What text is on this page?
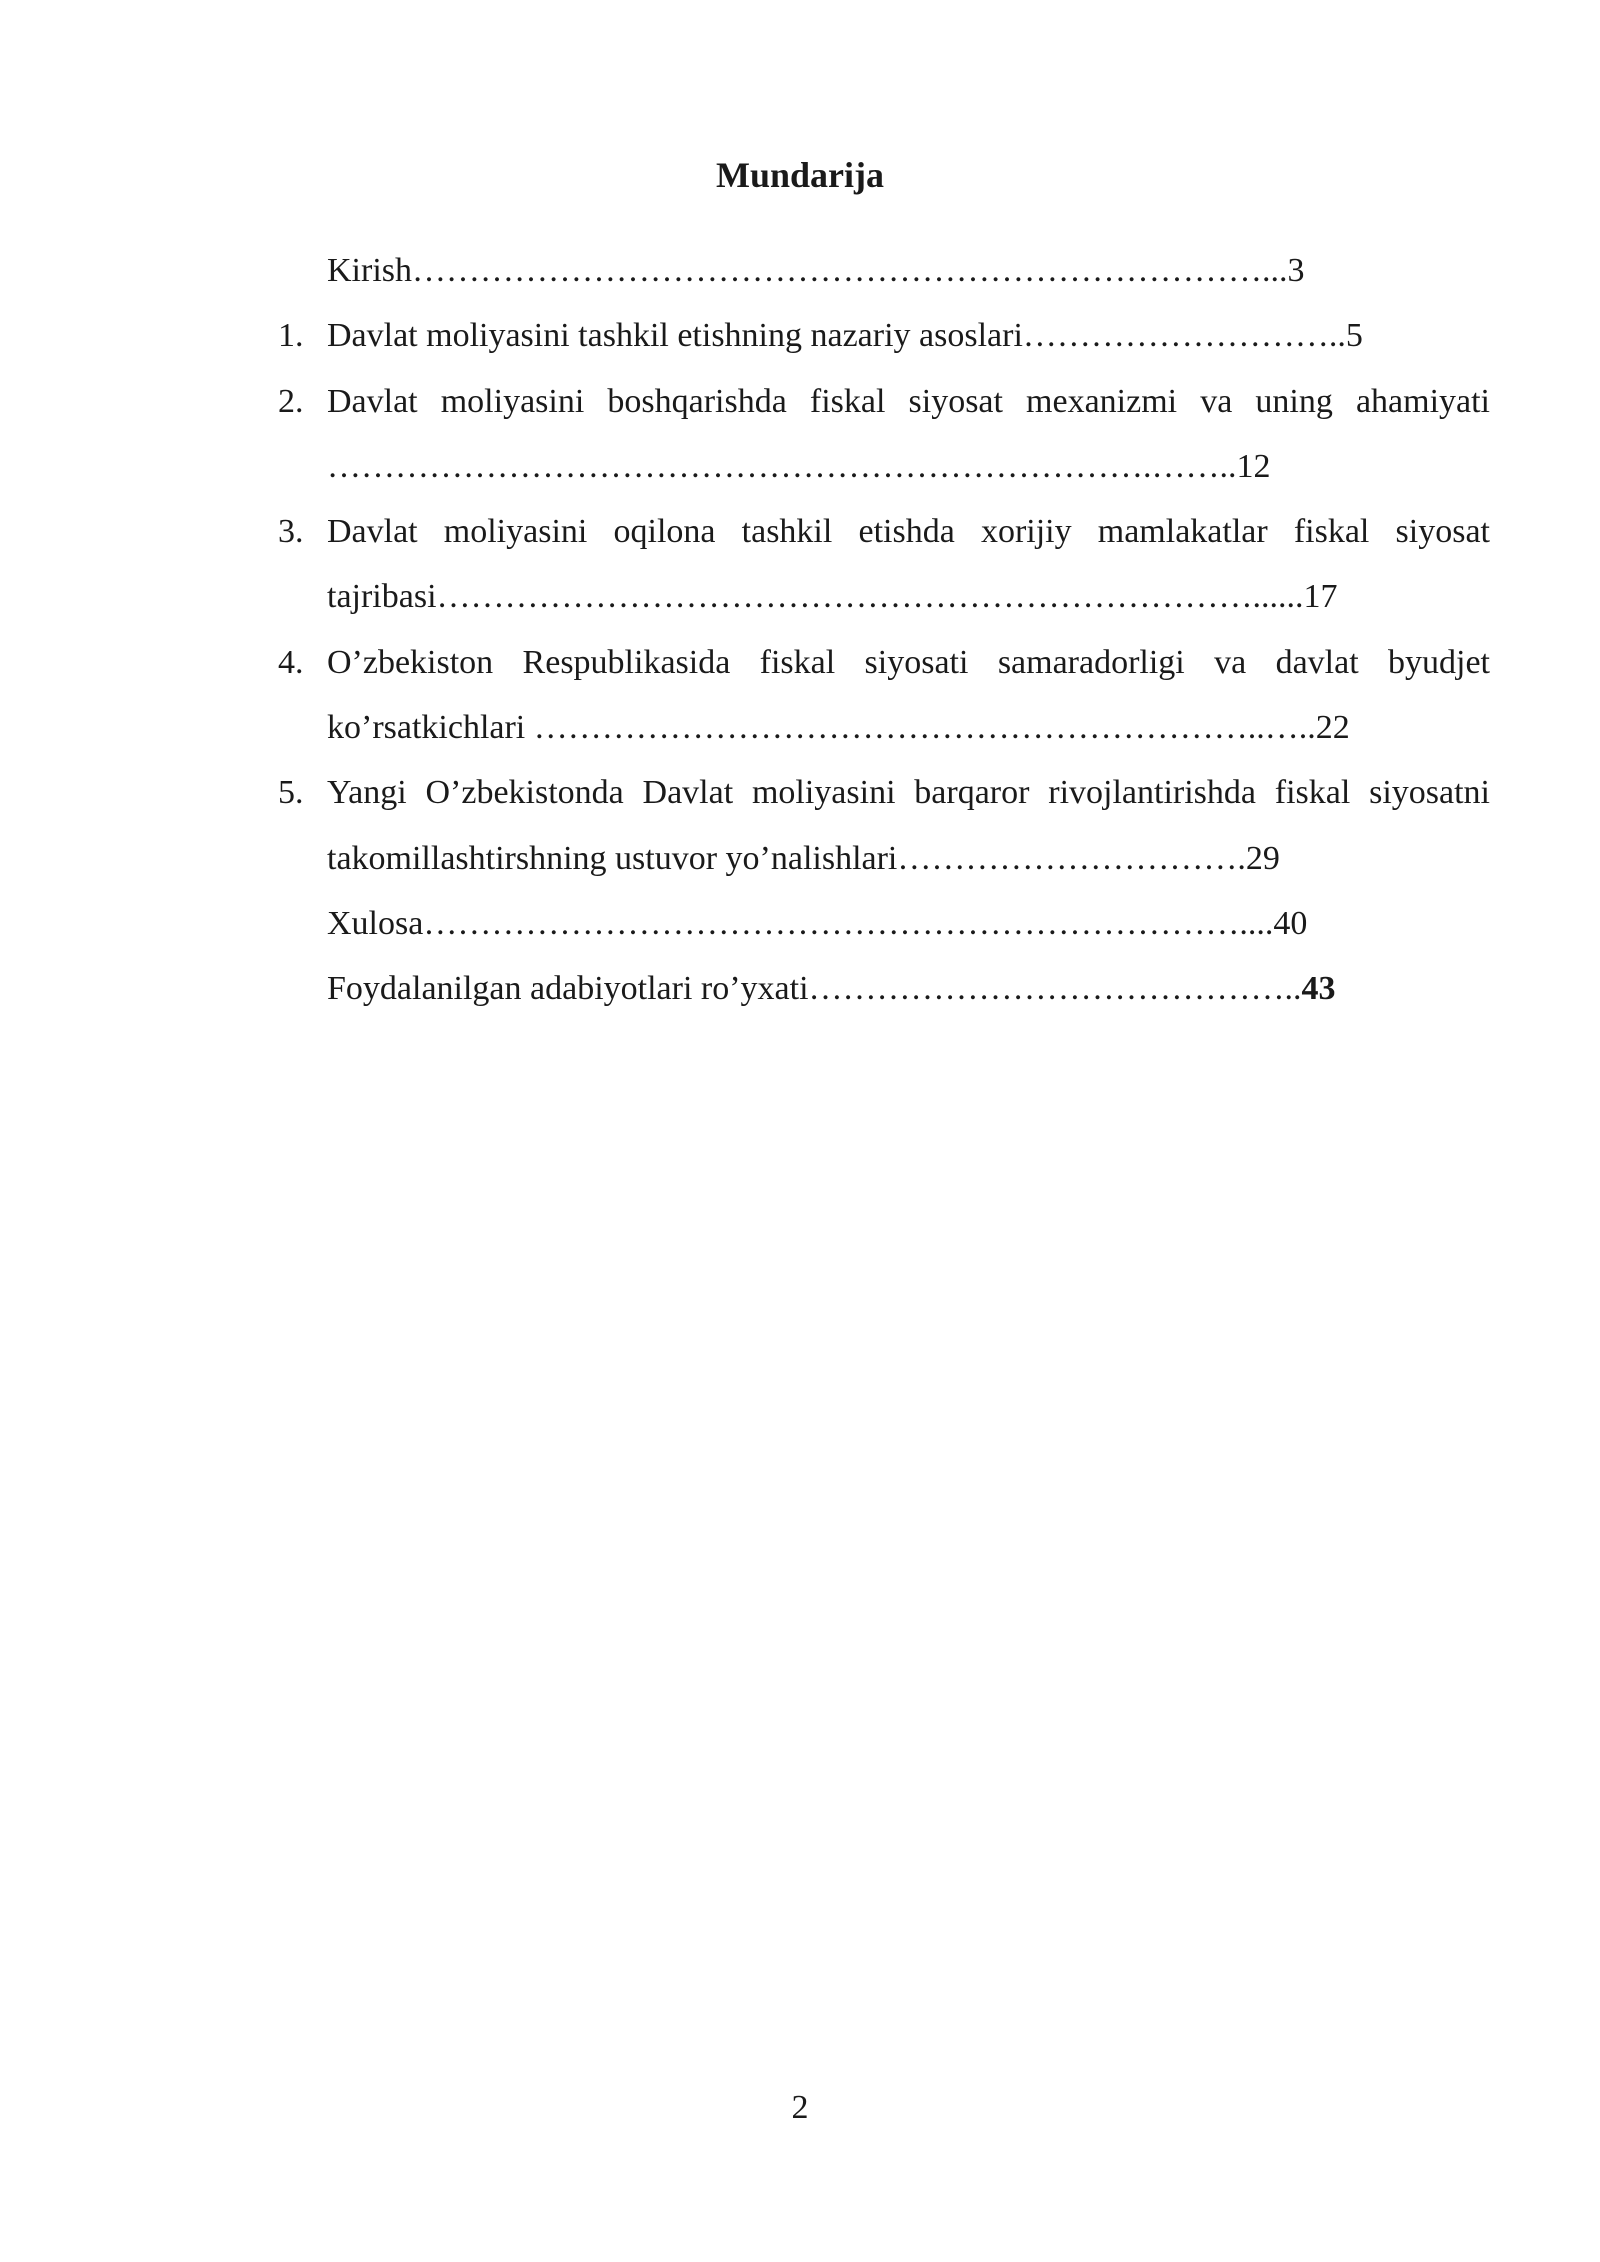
Mundarija
Kirish…………………………………………………………………...3
1. Davlat moliyasini tashkil etishning nazariy asoslari………………………..5
2. Davlat moliyasini boshqarishda fiskal siyosat mexanizmi va uning ahamiyati ……………………………………………………………….……..12
3. Davlat moliyasini oqilona tashkil etishda xorijiy mamlakatlar fiskal siyosat tajribasi………………………………………………………………......17
4. O’zbekiston Respublikasida fiskal siyosati samaradorligi va davlat byudjet ko’rsatkichlari ………………………………………………………..…..22
5. Yangi O’zbekistonda Davlat moliyasini barqaror rivojlantirishda fiskal siyosatni takomillashtirshning ustuvor yo’nalishlari………………………….29
Xulosa………………………………………………………………....40
Foydalanilgan adabiyotlari ro’yxati……………………………………..43

2
